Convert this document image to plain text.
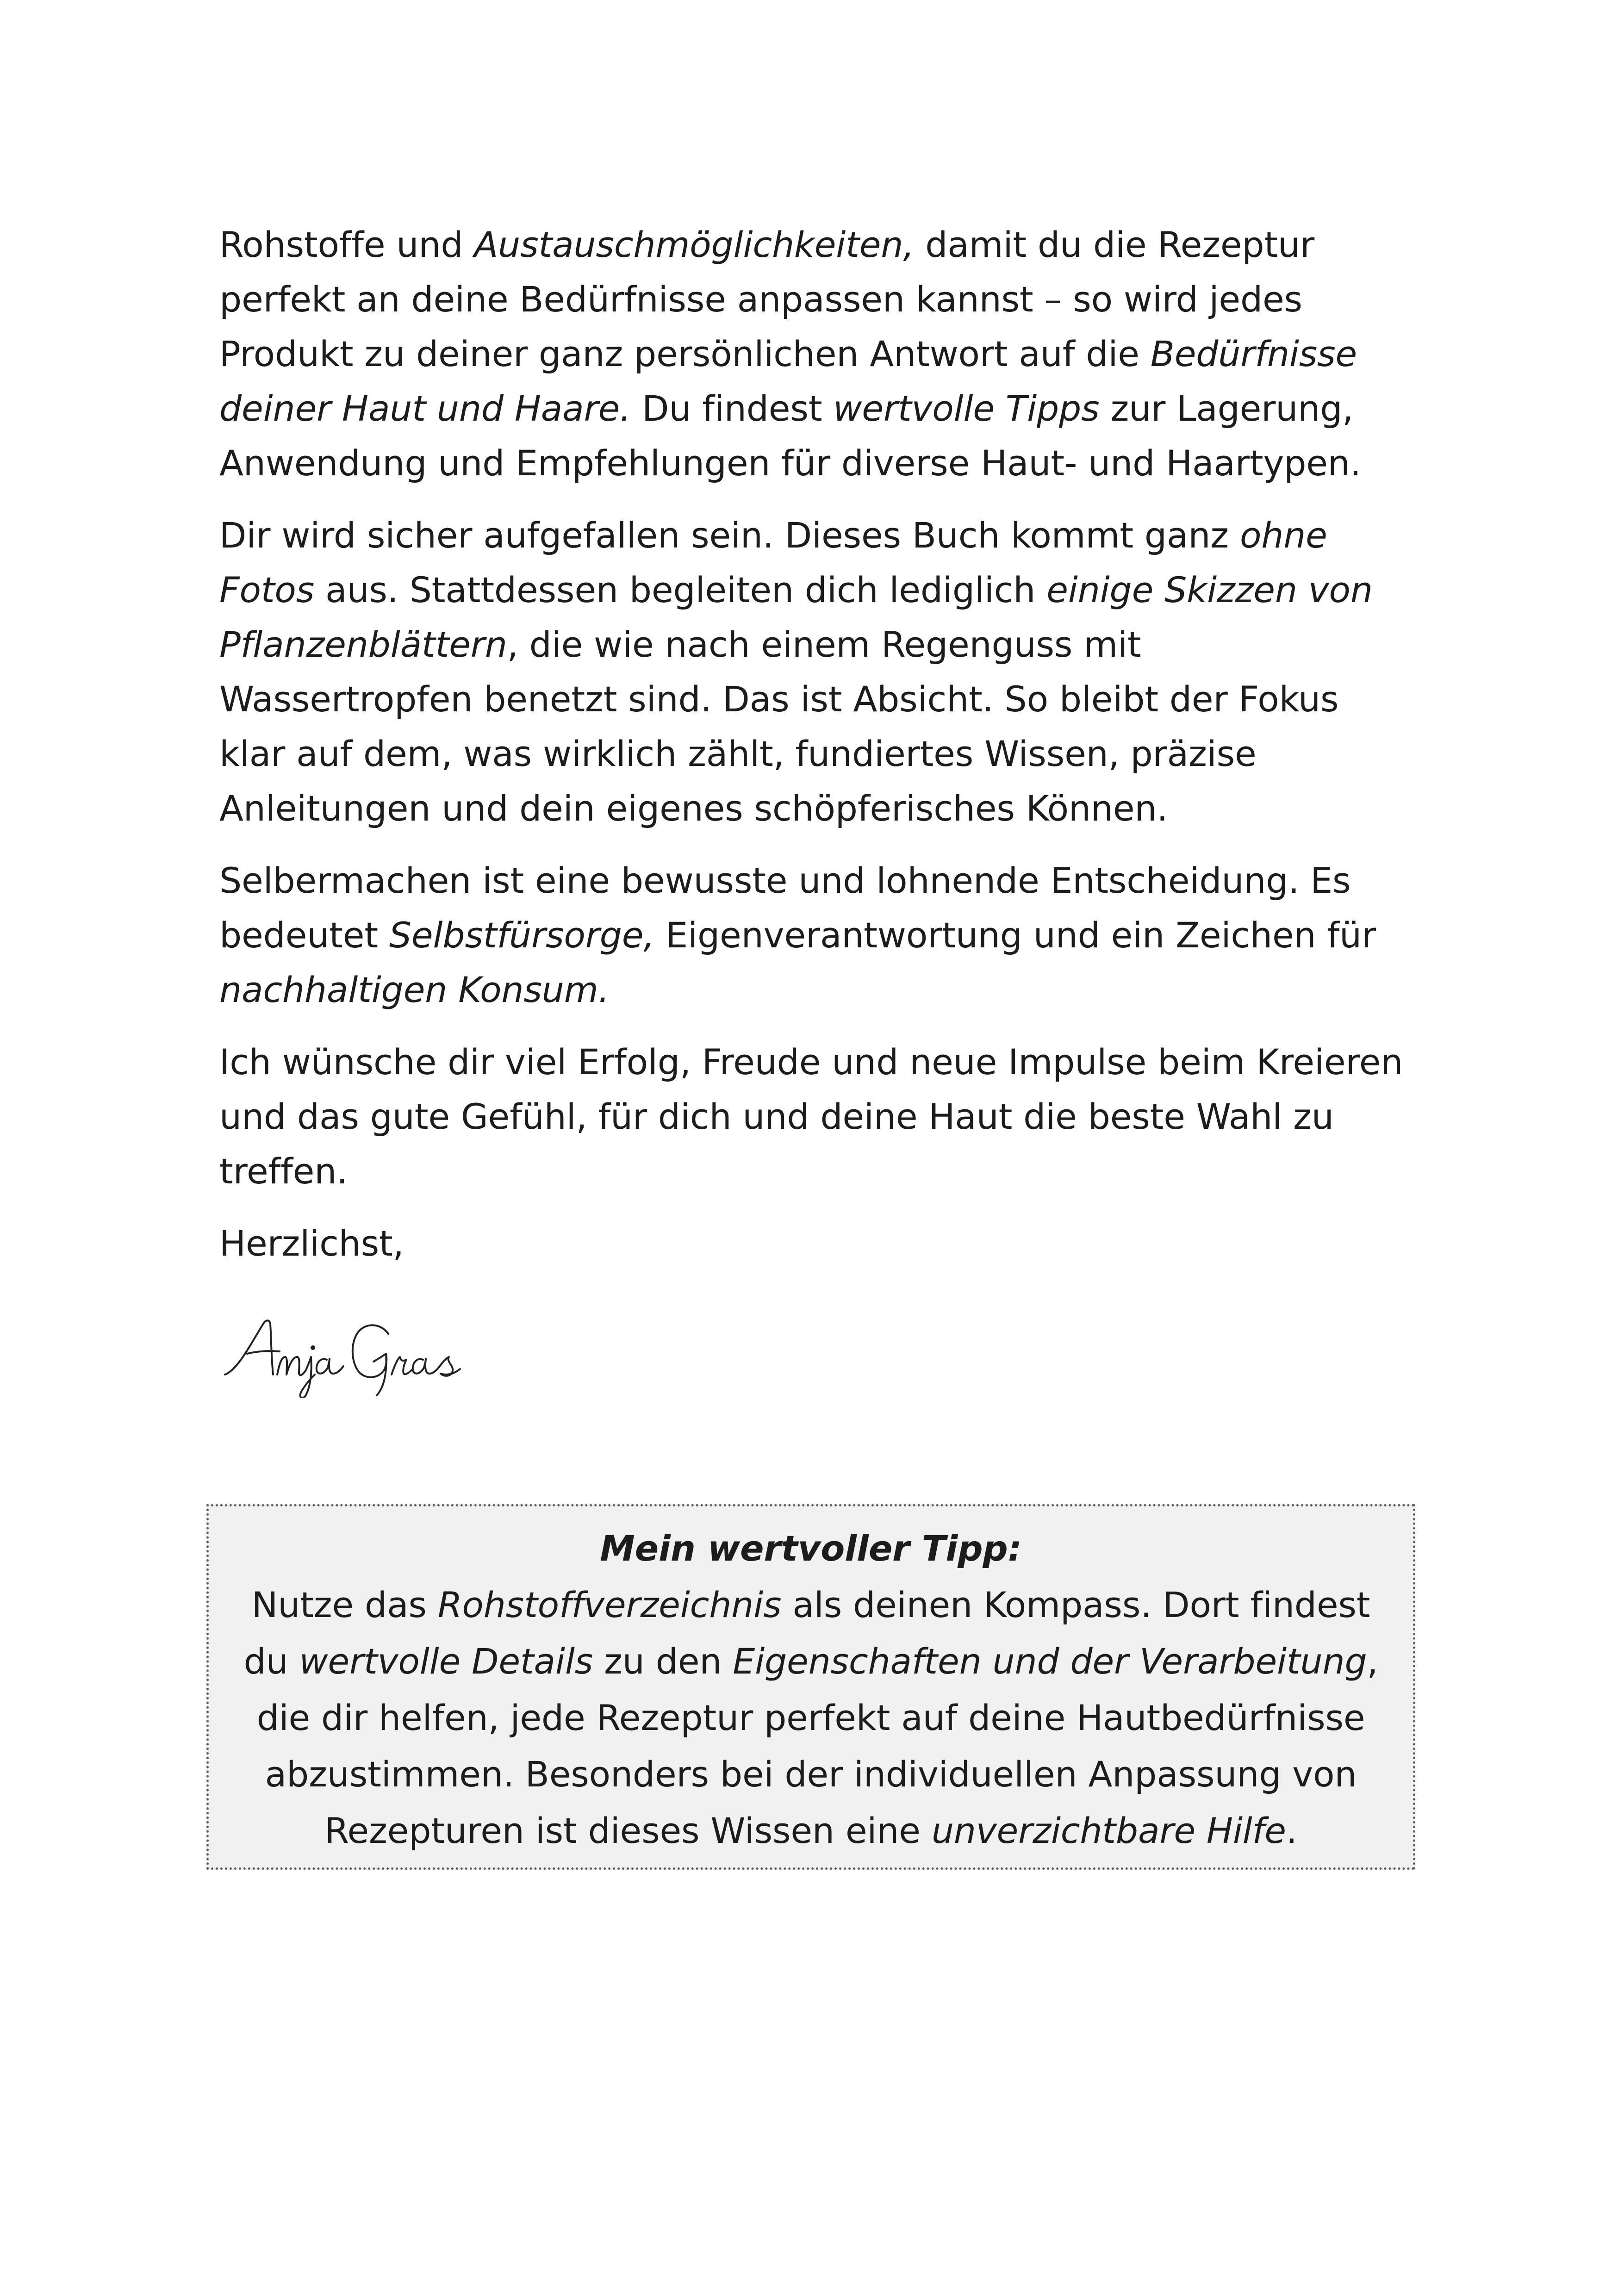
Rohstoffe und Austauschmöglichkeiten, damit du die Rezeptur perfekt an deine Bedürfnisse anpassen kannst – so wird jedes Produkt zu deiner ganz persönlichen Antwort auf die Bedürfnisse deiner Haut und Haare. Du findest wertvolle Tipps zur Lagerung, Anwendung und Empfehlungen für diverse Haut- und Haartypen.

Dir wird sicher aufgefallen sein. Dieses Buch kommt ganz ohne Fotos aus. Stattdessen begleiten dich lediglich einige Skizzen von Pflanzenblättern, die wie nach einem Regenguss mit Wassertropfen benetzt sind. Das ist Absicht. So bleibt der Fokus klar auf dem, was wirklich zählt, fundiertes Wissen, präzise Anleitungen und dein eigenes schöpferisches Können.

Selbermachen ist eine bewusste und lohnende Entscheidung. Es bedeutet Selbstfürsorge, Eigenverantwortung und ein Zeichen für nachhaltigen Konsum.

Ich wünsche dir viel Erfolg, Freude und neue Impulse beim Kreieren und das gute Gefühl, für dich und deine Haut die beste Wahl zu treffen.

Herzlichst,

Mein wertvoller Tipp:
Nutze das Rohstoffverzeichnis als deinen Kompass. Dort findest du wertvolle Details zu den Eigenschaften und der Verarbeitung, die dir helfen, jede Rezeptur perfekt auf deine Hautbedürfnisse abzustimmen. Besonders bei der individuellen Anpassung von Rezepturen ist dieses Wissen eine unverzichtbare Hilfe.
